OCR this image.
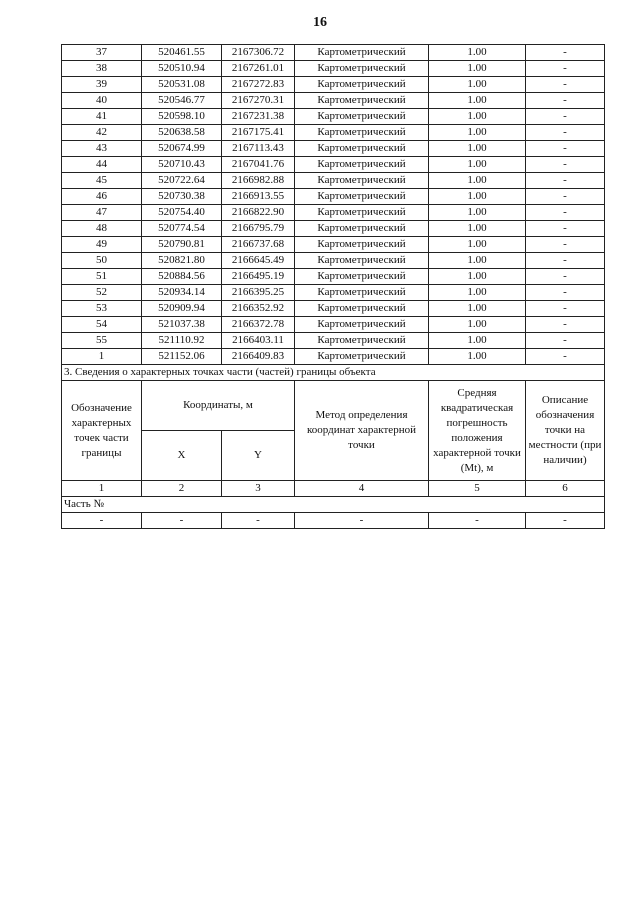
16
37	520461.55	2167306.72	Картометрический	1.00	-
38	520510.94	2167261.01	Картометрический	1.00	-
39	520531.08	2167272.83	Картометрический	1.00	-
40	520546.77	2167270.31	Картометрический	1.00	-
41	520598.10	2167231.38	Картометрический	1.00	-
42	520638.58	2167175.41	Картометрический	1.00	-
43	520674.99	2167113.43	Картометрический	1.00	-
44	520710.43	2167041.76	Картометрический	1.00	-
45	520722.64	2166982.88	Картометрический	1.00	-
46	520730.38	2166913.55	Картометрический	1.00	-
47	520754.40	2166822.90	Картометрический	1.00	-
48	520774.54	2166795.79	Картометрический	1.00	-
49	520790.81	2166737.68	Картометрический	1.00	-
50	520821.80	2166645.49	Картометрический	1.00	-
51	520884.56	2166495.19	Картометрический	1.00	-
52	520934.14	2166395.25	Картометрический	1.00	-
53	520909.94	2166352.92	Картометрический	1.00	-
54	521037.38	2166372.78	Картометрический	1.00	-
55	521110.92	2166403.11	Картометрический	1.00	-
1	521152.06	2166409.83	Картометрический	1.00	-
3. Сведения о характерных точках части (частей) границы объекта					
Обозначение характерных точек части границы	Координаты, м		Метод определения координат характерной точки	Средняя квадратическая погрешность положения характерной точки (Mt), м	Описание обозначения точки на местности (при наличии)
	X	Y			
1	2	3	4	5	6
Часть №					
-	-	-	-	-	-
